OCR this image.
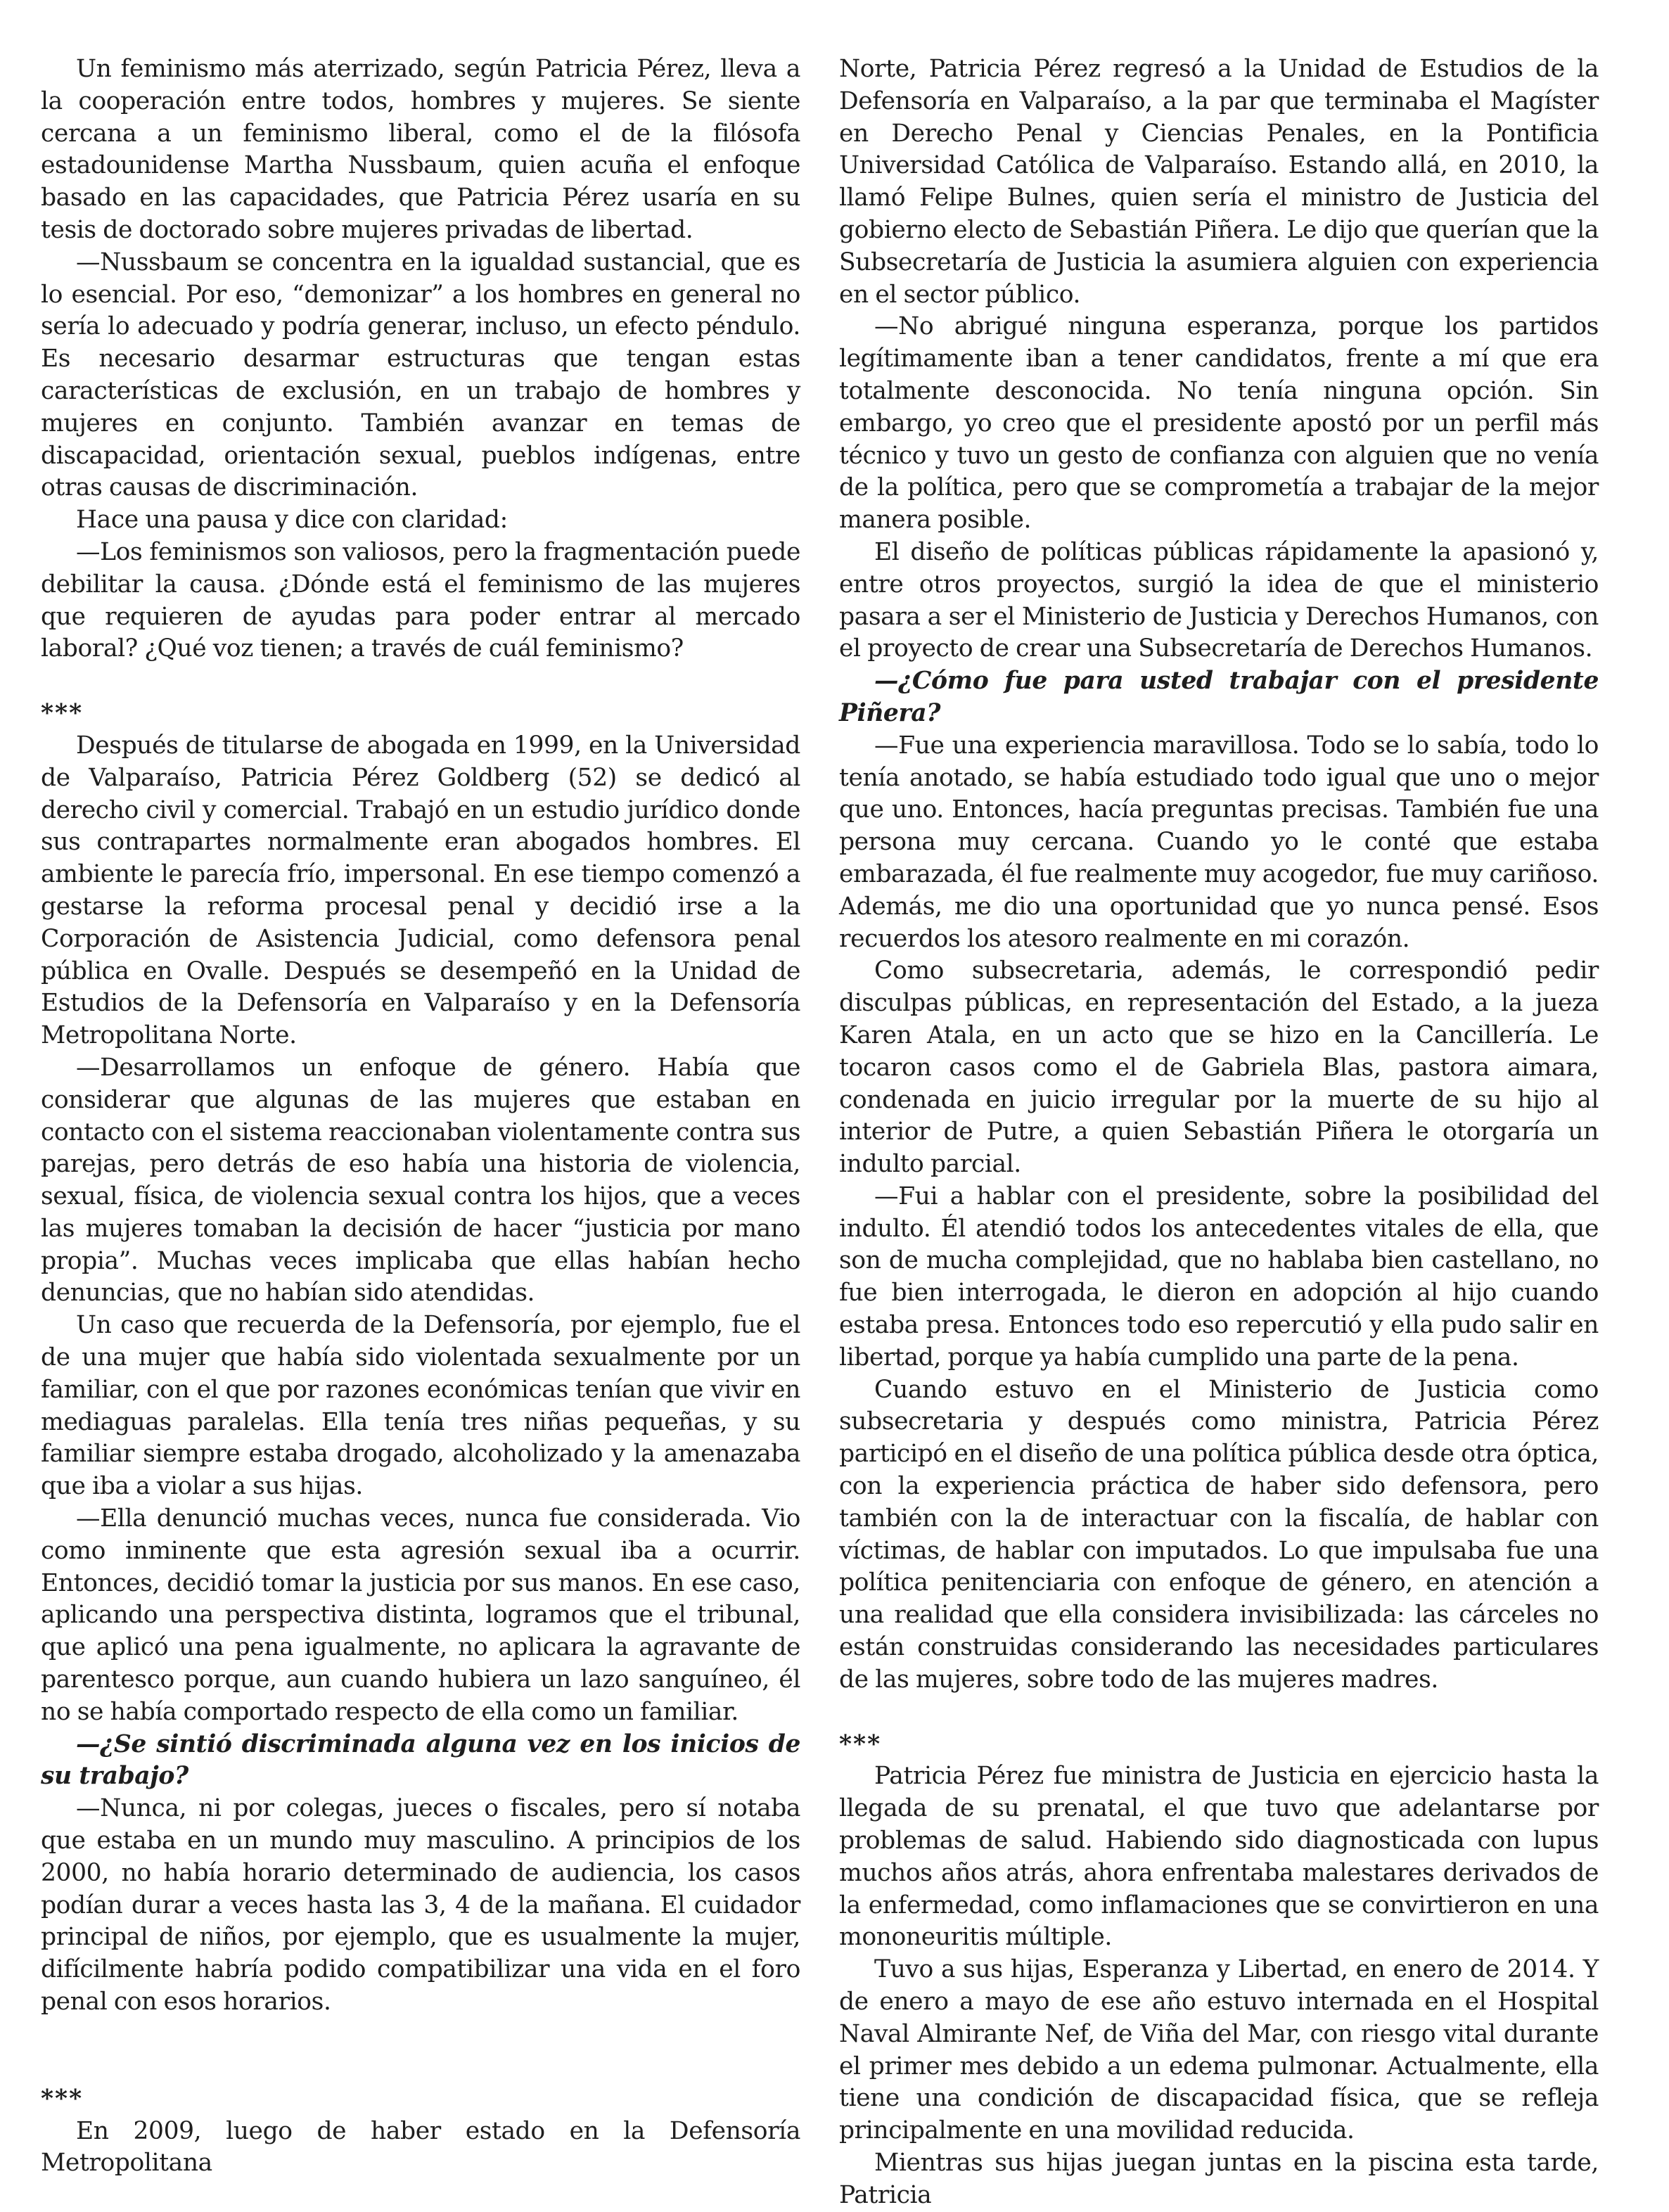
Un feminismo más aterrizado, según Patricia Pérez, lleva a la cooperación entre todos, hombres y mujeres. Se siente cercana a un feminismo liberal, como el de la filósofa estadounidense Martha Nussbaum, quien acuña el enfoque basado en las capacidades, que Patricia Pérez usaría en su tesis de doctorado sobre mujeres privadas de libertad.

—Nussbaum se concentra en la igualdad sustancial, que es lo esencial. Por eso, “demonizar” a los hombres en general no sería lo adecuado y podría generar, incluso, un efecto péndulo. Es necesario desarmar estructuras que tengan estas características de exclusión, en un trabajo de hombres y mujeres en conjunto. También avanzar en temas de discapacidad, orientación sexual, pueblos indígenas, entre otras causas de discriminación.

Hace una pausa y dice con claridad:

—Los feminismos son valiosos, pero la fragmentación puede debilitar la causa. ¿Dónde está el feminismo de las mujeres que requieren de ayudas para poder entrar al mercado laboral? ¿Qué voz tienen; a través de cuál feminismo?

***

Después de titularse de abogada en 1999, en la Universidad de Valparaíso, Patricia Pérez Goldberg (52) se dedicó al derecho civil y comercial. Trabajó en un estudio jurídico donde sus contrapartes normalmente eran abogados hombres. El ambiente le parecía frío, impersonal. En ese tiempo comenzó a gestarse la reforma procesal penal y decidió irse a la Corporación de Asistencia Judicial, como defensora penal pública en Ovalle. Después se desempeñó en la Unidad de Estudios de la Defensoría en Valparaíso y en la Defensoría Metropolitana Norte.

—Desarrollamos un enfoque de género. Había que considerar que algunas de las mujeres que estaban en contacto con el sistema reaccionaban violentamente contra sus parejas, pero detrás de eso había una historia de violencia, sexual, física, de violencia sexual contra los hijos, que a veces las mujeres tomaban la decisión de hacer “justicia por mano propia”. Muchas veces implicaba que ellas habían hecho denuncias, que no habían sido atendidas.

Un caso que recuerda de la Defensoría, por ejemplo, fue el de una mujer que había sido violentada sexualmente por un familiar, con el que por razones económicas tenían que vivir en mediaguas paralelas. Ella tenía tres niñas pequeñas, y su familiar siempre estaba drogado, alcoholizado y la amenazaba que iba a violar a sus hijas.

—Ella denunció muchas veces, nunca fue considerada. Vio como inminente que esta agresión sexual iba a ocurrir. Entonces, decidió tomar la justicia por sus manos. En ese caso, aplicando una perspectiva distinta, logramos que el tribunal, que aplicó una pena igualmente, no aplicara la agravante de parentesco porque, aun cuando hubiera un lazo sanguíneo, él no se había comportado respecto de ella como un familiar.

—¿Se sintió discriminada alguna vez en los inicios de su trabajo?

—Nunca, ni por colegas, jueces o fiscales, pero sí notaba que estaba en un mundo muy masculino. A principios de los 2000, no había horario determinado de audiencia, los casos podían durar a veces hasta las 3, 4 de la mañana. El cuidador principal de niños, por ejemplo, que es usualmente la mujer, difícilmente habría podido compatibilizar una vida en el foro penal con esos horarios.

***

En 2009, luego de haber estado en la Defensoría Metropolitana

Norte, Patricia Pérez regresó a la Unidad de Estudios de la Defensoría en Valparaíso, a la par que terminaba el Magíster en Derecho Penal y Ciencias Penales, en la Pontificia Universidad Católica de Valparaíso. Estando allá, en 2010, la llamó Felipe Bulnes, quien sería el ministro de Justicia del gobierno electo de Sebastián Piñera. Le dijo que querían que la Subsecretaría de Justicia la asumiera alguien con experiencia en el sector público.

—No abrigué ninguna esperanza, porque los partidos legítimamente iban a tener candidatos, frente a mí que era totalmente desconocida. No tenía ninguna opción. Sin embargo, yo creo que el presidente apostó por un perfil más técnico y tuvo un gesto de confianza con alguien que no venía de la política, pero que se comprometía a trabajar de la mejor manera posible.

El diseño de políticas públicas rápidamente la apasionó y, entre otros proyectos, surgió la idea de que el ministerio pasara a ser el Ministerio de Justicia y Derechos Humanos, con el proyecto de crear una Subsecretaría de Derechos Humanos.

—¿Cómo fue para usted trabajar con el presidente Piñera?

—Fue una experiencia maravillosa. Todo se lo sabía, todo lo tenía anotado, se había estudiado todo igual que uno o mejor que uno. Entonces, hacía preguntas precisas. También fue una persona muy cercana. Cuando yo le conté que estaba embarazada, él fue realmente muy acogedor, fue muy cariñoso. Además, me dio una oportunidad que yo nunca pensé. Esos recuerdos los atesoro realmente en mi corazón.

Como subsecretaria, además, le correspondió pedir disculpas públicas, en representación del Estado, a la jueza Karen Atala, en un acto que se hizo en la Cancillería. Le tocaron casos como el de Gabriela Blas, pastora aimara, condenada en juicio irregular por la muerte de su hijo al interior de Putre, a quien Sebastián Piñera le otorgaría un indulto parcial.

—Fui a hablar con el presidente, sobre la posibilidad del indulto. Él atendió todos los antecedentes vitales de ella, que son de mucha complejidad, que no hablaba bien castellano, no fue bien interrogada, le dieron en adopción al hijo cuando estaba presa. Entonces todo eso repercutió y ella pudo salir en libertad, porque ya había cumplido una parte de la pena.

Cuando estuvo en el Ministerio de Justicia como subsecretaria y después como ministra, Patricia Pérez participó en el diseño de una política pública desde otra óptica, con la experiencia práctica de haber sido defensora, pero también con la de interactuar con la fiscalía, de hablar con víctimas, de hablar con imputados. Lo que impulsaba fue una política penitenciaria con enfoque de género, en atención a una realidad que ella considera invisibilizada: las cárceles no están construidas considerando las necesidades particulares de las mujeres, sobre todo de las mujeres madres.

***

Patricia Pérez fue ministra de Justicia en ejercicio hasta la llegada de su prenatal, el que tuvo que adelantarse por problemas de salud. Habiendo sido diagnosticada con lupus muchos años atrás, ahora enfrentaba malestares derivados de la enfermedad, como inflamaciones que se convirtieron en una mononeuritis múltiple.

Tuvo a sus hijas, Esperanza y Libertad, en enero de 2014. Y de enero a mayo de ese año estuvo internada en el Hospital Naval Almirante Nef, de Viña del Mar, con riesgo vital durante el primer mes debido a un edema pulmonar. Actualmente, ella tiene una condición de discapacidad física, que se refleja principalmente en una movilidad reducida.

Mientras sus hijas juegan juntas en la piscina esta tarde, Patricia
